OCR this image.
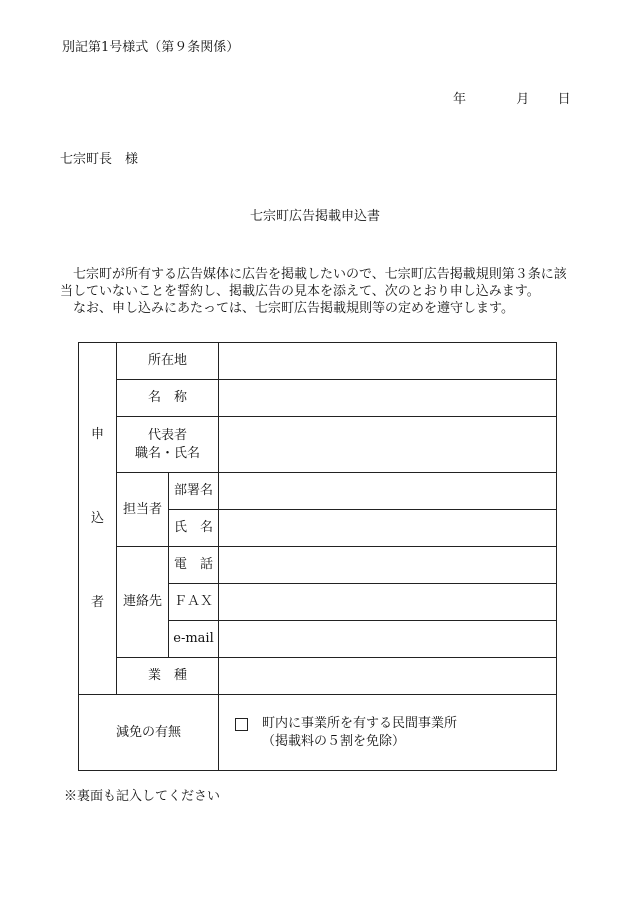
別記第1号様式（第９条関係）
年	月 日
七宗町長　様
七宗町広告掲載申込書

　七宗町が所有する広告媒体に広告を掲載したいので、七宗町広告掲載規則第３条に該当していないことを誓約し、掲載広告の見本を添えて、次のとおり申し込みます。

　なお、申し込みにあたっては、七宗町広告掲載規則等の定めを遵守します。

申
込
者	所在地		
	名　称		

	代表者
職名・氏名		

	担当者	部署名	
		氏　名	
	連絡先	電　話	
		ＦＡＸ	
		e-mail	
	業　種		
減免の有無			町内に事業所を有する民間事業所
（掲載料の５割を免除）
※裏面も記入してください
